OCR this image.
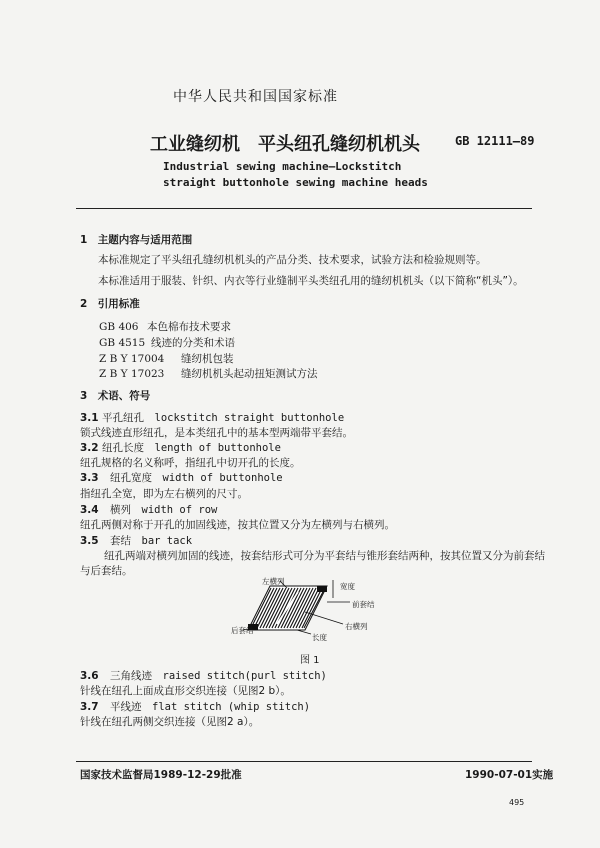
中华人民共和国国家标准
工业缝纫机　平头纽孔缝纫机机头	GB 12111—89
Industrial sewing machine—Lockstitch
straight buttonhole sewing machine heads
1　主题内容与适用范围
本标准规定了平头纽孔缝纫机机头的产品分类、技术要求，试验方法和检验规则等。
本标准适用于服装、针织、内衣等行业缝制平头类纽孔用的缝纫机机头（以下简称“机头”）。
2　引用标准
GB 406 本色棉布技术要求
GB 4515 线迹的分类和术语
Z B Y 17004 缝纫机包装
Z B Y 17023 缝纫机机头起动扭矩测试方法
3　术语、符号
3.1 平孔纽孔　lockstitch straight buttonhole
锁式线迹直形纽孔，是本类纽孔中的基本型两端带平套结。
3.2 纽孔长度　length of buttonhole
纽孔规格的名义称呼，指纽孔中切开孔的长度。
3.3 纽孔宽度　width of buttonhole
指纽孔全宽，即为左右横列的尺寸。
3.4 横列　width of row
纽孔两侧对称于开孔的加固线迹，按其位置又分为左横列与右横列。
3.5 套结　bar tack
纽孔两端对横列加固的线迹，按套结形式可分为平套结与锥形套结两种，按其位置又分为前套结
与后套结。
左横列
宽度
前套结
后套结	右横列
长度
图 1
3.6 三角线迹　raised stitch(purl stitch)
针线在纽孔上面成直形交织连接（见图2 b）。
3.7 平线迹　flat stitch (whip stitch)
针线在纽孔两侧交织连接（见图2 a）。
国家技术监督局1989-12-29批准	1990-07-01实施
495
